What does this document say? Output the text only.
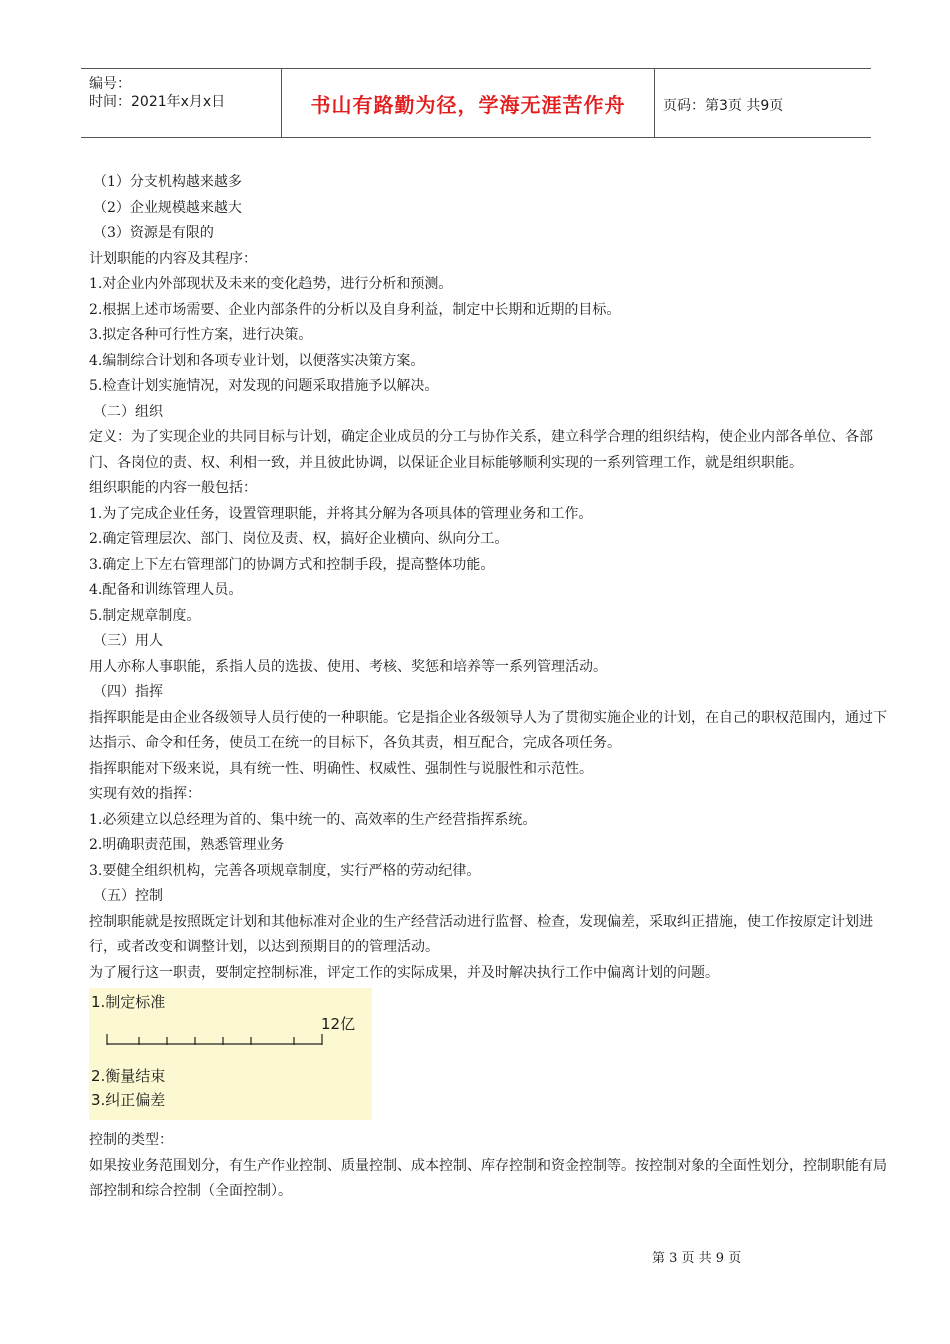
编号：
时间：2021年x月x日	书山有路勤为径，学海无涯苦作舟	页码：第3页 共9页

（1）分支机构越来越多

（2）企业规模越来越大

（3）资源是有限的

计划职能的内容及其程序：

1.对企业内外部现状及未来的变化趋势，进行分析和预测。

2.根据上述市场需要、企业内部条件的分析以及自身利益，制定中长期和近期的目标。

3.拟定各种可行性方案，进行决策。

4.编制综合计划和各项专业计划，以便落实决策方案。

5.检查计划实施情况，对发现的问题采取措施予以解决。

（二）组织

定义：为了实现企业的共同目标与计划，确定企业成员的分工与协作关系，建立科学合理的组织结构，使企业内部各单位、各部门、各岗位的责、权、利相一致，并且彼此协调，以保证企业目标能够顺利实现的一系列管理工作，就是组织职能。

组织职能的内容一般包括：

1.为了完成企业任务，设置管理职能，并将其分解为各项具体的管理业务和工作。

2.确定管理层次、部门、岗位及责、权，搞好企业横向、纵向分工。

3.确定上下左右管理部门的协调方式和控制手段，提高整体功能。

4.配备和训练管理人员。

5.制定规章制度。

（三）用人

用人亦称人事职能，系指人员的选拔、使用、考核、奖惩和培养等一系列管理活动。

（四）指挥

指挥职能是由企业各级领导人员行使的一种职能。它是指企业各级领导人为了贯彻实施企业的计划，在自己的职权范围内，通过下达指示、命令和任务，使员工在统一的目标下，各负其责，相互配合，完成各项任务。

指挥职能对下级来说，具有统一性、明确性、权威性、强制性与说服性和示范性。

实现有效的指挥：

1.必须建立以总经理为首的、集中统一的、高效率的生产经营指挥系统。

2.明确职责范围，熟悉管理业务

3.要健全组织机构，完善各项规章制度，实行严格的劳动纪律。

（五）控制

控制职能就是按照既定计划和其他标准对企业的生产经营活动进行监督、检查，发现偏差，采取纠正措施，使工作按原定计划进行，或者改变和调整计划，以达到预期目的的管理活动。

为了履行这一职责，要制定控制标准，评定工作的实际成果，并及时解决执行工作中偏离计划的问题。

1.制定标准
12亿
2.衡量结束
3.纠正偏差

控制的类型：

如果按业务范围划分，有生产作业控制、质量控制、成本控制、库存控制和资金控制等。按控制对象的全面性划分，控制职能有局部控制和综合控制（全面控制）。

第 3 页 共 9 页
